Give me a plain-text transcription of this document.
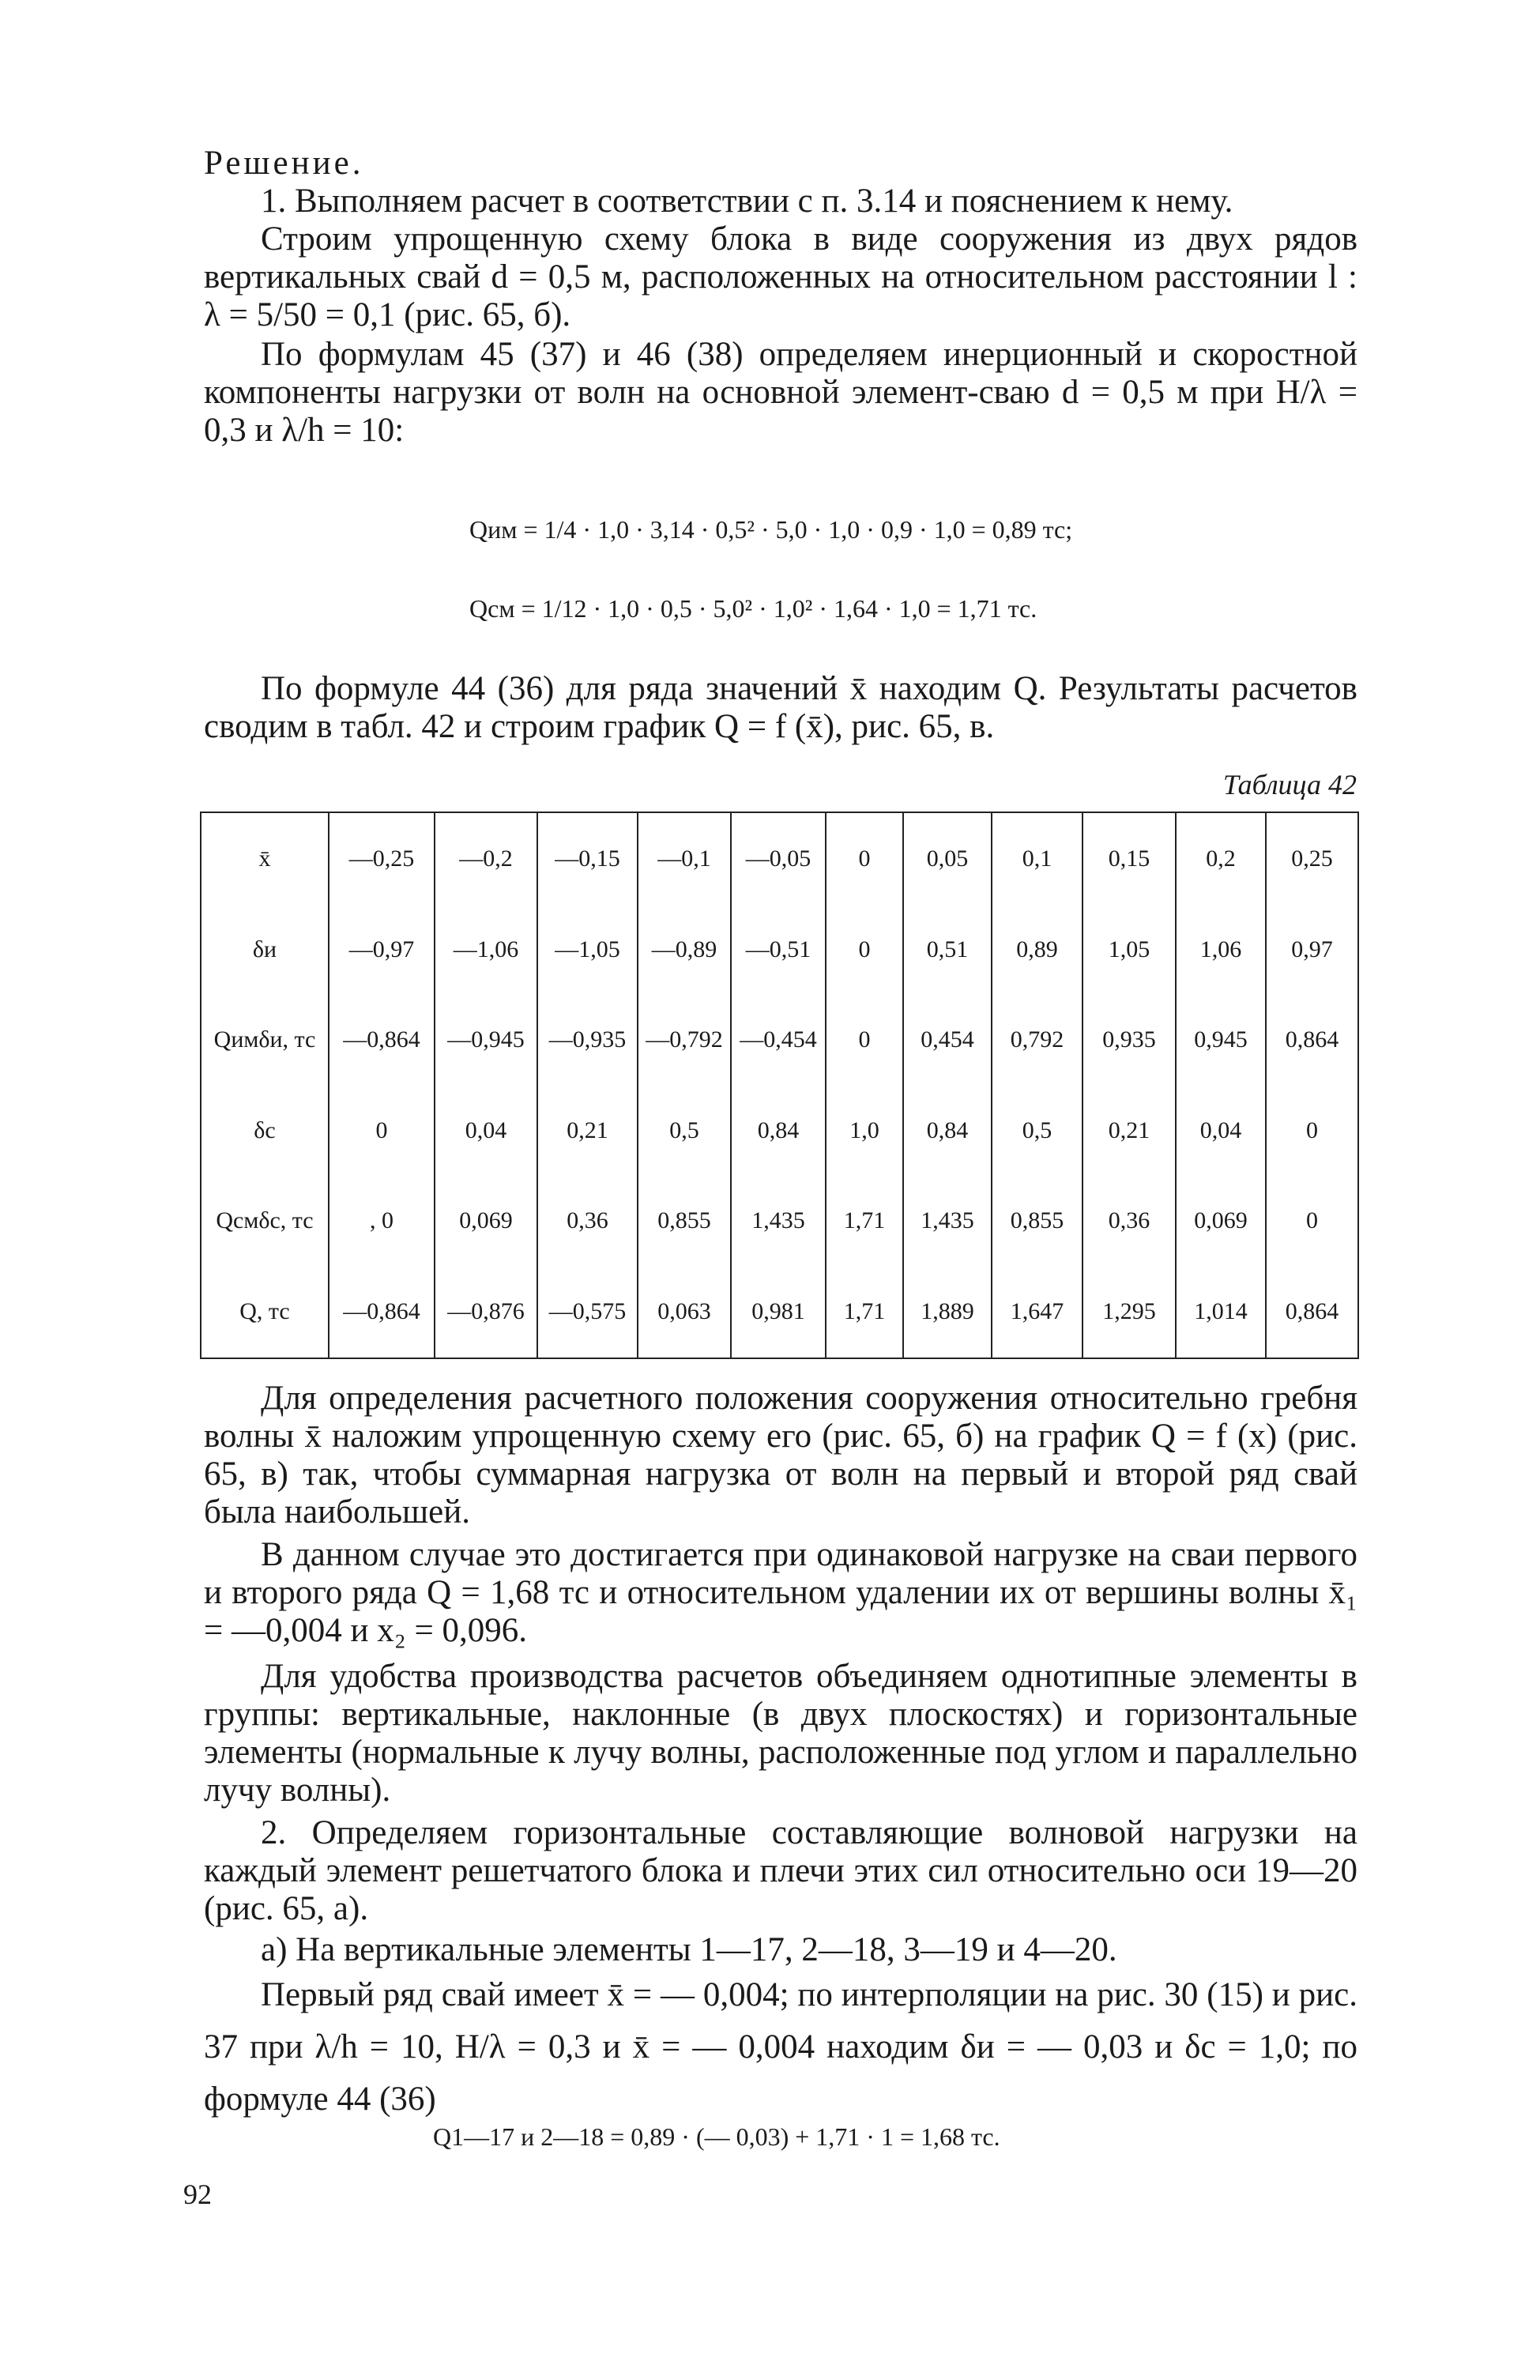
Решение.

1. Выполняем расчет в соответствии с п. 3.14 и пояснением к нему.

Строим упрощенную схему блока в виде сооружения из двух рядов вертикальных свай d = 0,5 м, расположенных на относительном расстоянии l : λ = 5/50 = 0,1 (рис. 65, б).

По формулам 45 (37) и 46 (38) определяем инерционный и скоростной компоненты нагрузки от волн на основной элемент-сваю d = 0,5 м при H/λ = 0,3 и λ/h = 10:

Qим = 1/4 · 1,0 · 3,14 · 0,5² · 5,0 · 1,0 · 0,9 · 1,0 = 0,89 тс;
Qсм = 1/12 · 1,0 · 0,5 · 5,0² · 1,0² · 1,64 · 1,0 = 1,71 тс.

По формуле 44 (36) для ряда значений x̄ находим Q. Результаты расчетов сводим в табл. 42 и строим график Q = f (x̄), рис. 65, в.

Таблица 42
x̄	—0,25	—0,2	—0,15	—0,1	—0,05	0	0,05	0,1	0,15	0,2	0,25
δи	—0,97	—1,06	—1,05	—0,89	—0,51	0	0,51	0,89	1,05	1,06	0,97
Qимδи, тс	—0,864	—0,945	—0,935	—0,792	—0,454	0	0,454	0,792	0,935	0,945	0,864
δс	0	0,04	0,21	0,5	0,84	1,0	0,84	0,5	0,21	0,04	0
Qсмδс, тс	, 0	0,069	0,36	0,855	1,435	1,71	1,435	0,855	0,36	0,069	0
Q, тс	—0,864	—0,876	—0,575	0,063	0,981	1,71	1,889	1,647	1,295	1,014	0,864

Для определения расчетного положения сооружения относительно гребня волны x̄ наложим упрощенную схему его (рис. 65, б) на график Q = f (x) (рис. 65, в) так, чтобы суммарная нагрузка от волн на первый и второй ряд свай была наибольшей.

В данном случае это достигается при одинаковой нагрузке на сваи первого и второго ряда Q = 1,68 тс и относительном удалении их от вершины волны x̄₁ = —0,004 и x₂ = 0,096.

Для удобства производства расчетов объединяем однотипные элементы в группы: вертикальные, наклонные (в двух плоскостях) и горизонтальные элементы (нормальные к лучу волны, расположенные под углом и параллельно лучу волны).

2. Определяем горизонтальные составляющие волновой нагрузки на каждый элемент решетчатого блока и плечи этих сил относительно оси 19—20 (рис. 65, а).

а) На вертикальные элементы 1—17, 2—18, 3—19 и 4—20.

Первый ряд свай имеет x̄ = — 0,004; по интерполяции на рис. 30 (15) и рис. 37 при λ/h = 10, H/λ = 0,3 и x̄ = — 0,004 находим δи = — 0,03 и δс = 1,0; по формуле 44 (36)

Q1—17 и 2—18 = 0,89 · (— 0,03) + 1,71 · 1 = 1,68 тс.
92
